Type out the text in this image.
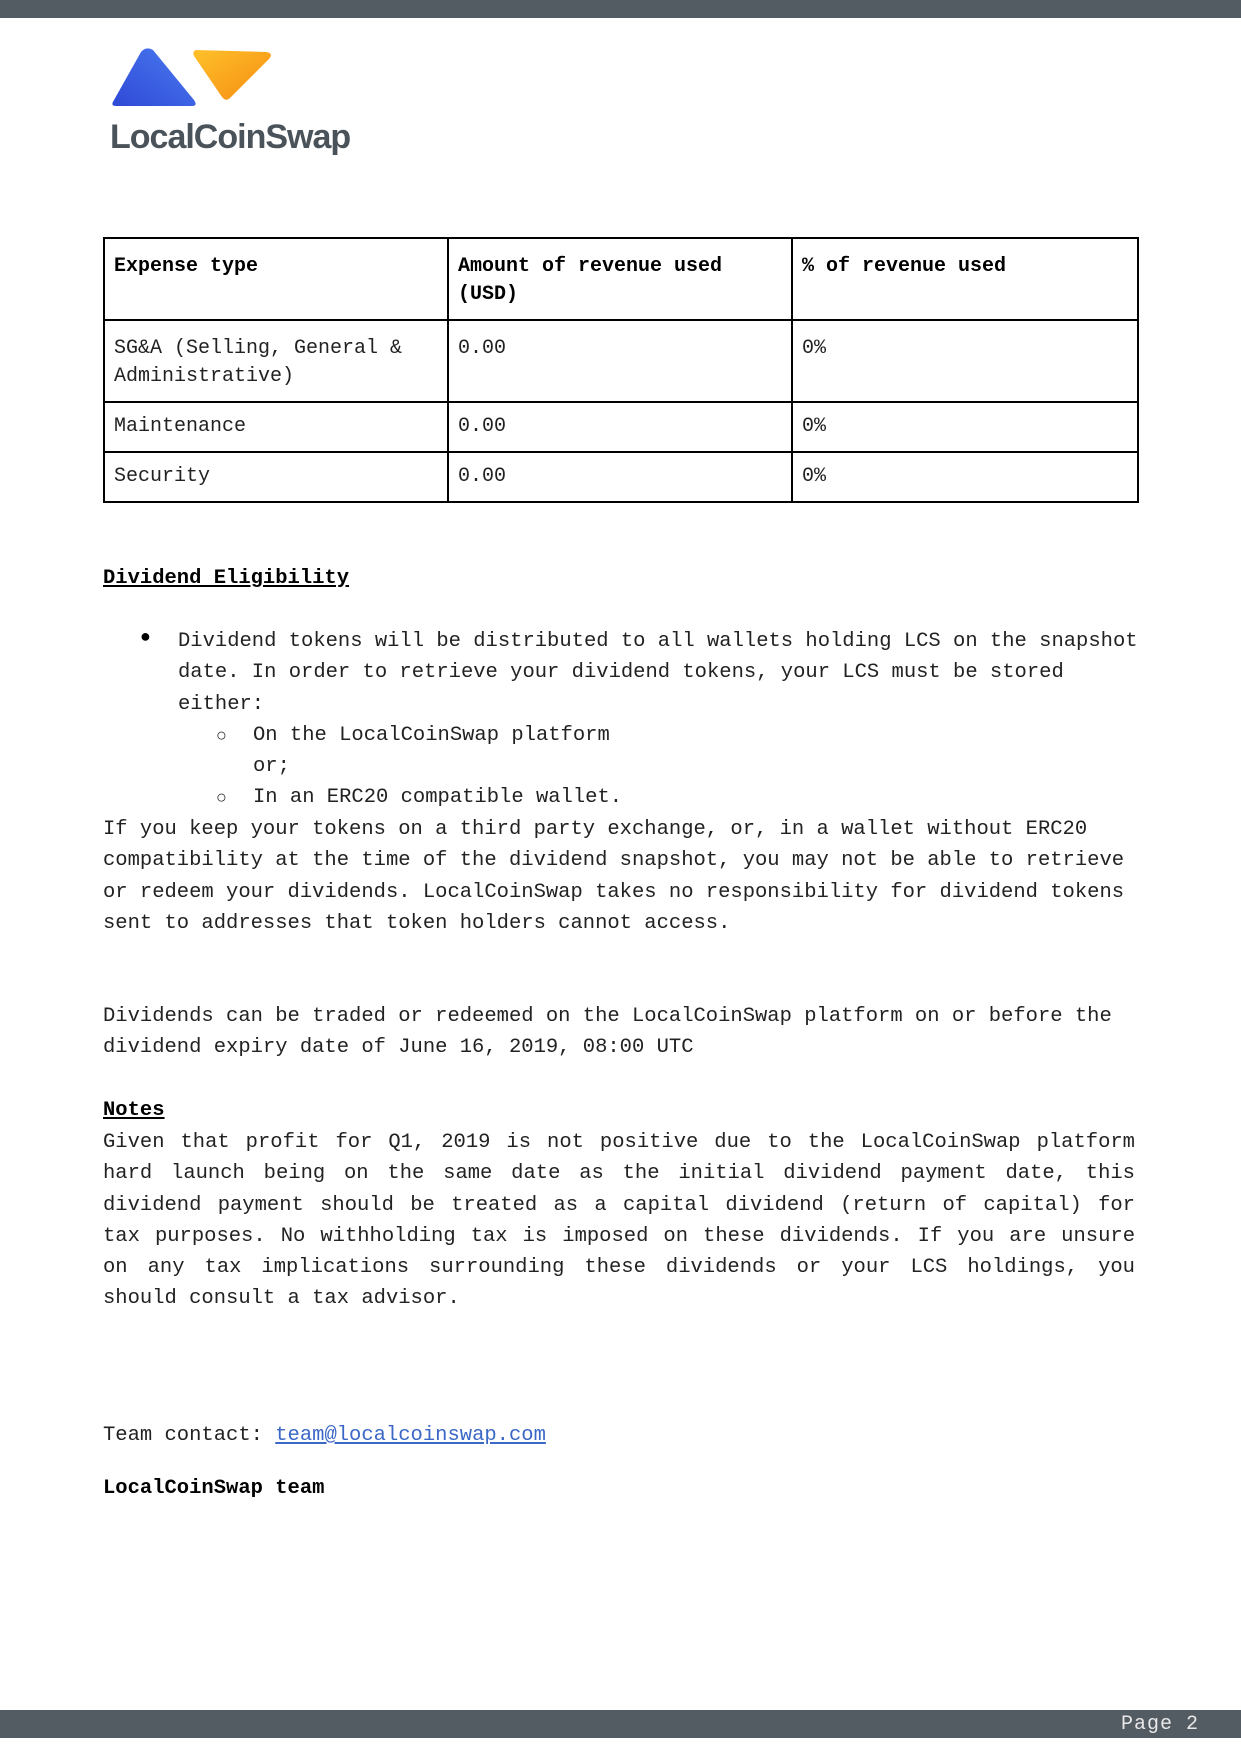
LocalCoinSwap
Expense type	Amount of revenue used (USD)	% of revenue used
SG&A (Selling, General & Administrative)	0.00	0%
Maintenance	0.00	0%
Security	0.00	0%
Dividend Eligibility
● Dividend tokens will be distributed to all wallets holding LCS on the snapshot date. In order to retrieve your dividend tokens, your LCS must be stored either:
○ On the LocalCoinSwap platform
or;
○ In an ERC20 compatible wallet.
If you keep your tokens on a third party exchange, or, in a wallet without ERC20 compatibility at the time of the dividend snapshot, you may not be able to retrieve or redeem your dividends. LocalCoinSwap takes no responsibility for dividend tokens sent to addresses that token holders cannot access.
Dividends can be traded or redeemed on the LocalCoinSwap platform on or before the dividend expiry date of June 16, 2019, 08:00 UTC
Notes
Given that profit for Q1, 2019 is not positive due to the LocalCoinSwap platform hard launch being on the same date as the initial dividend payment date, this dividend payment should be treated as a capital dividend (return of capital) for tax purposes. No withholding tax is imposed on these dividends. If you are unsure on any tax implications surrounding these dividends or your LCS holdings, you should consult a tax advisor.
Team contact: team@localcoinswap.com
LocalCoinSwap team
Page 2
